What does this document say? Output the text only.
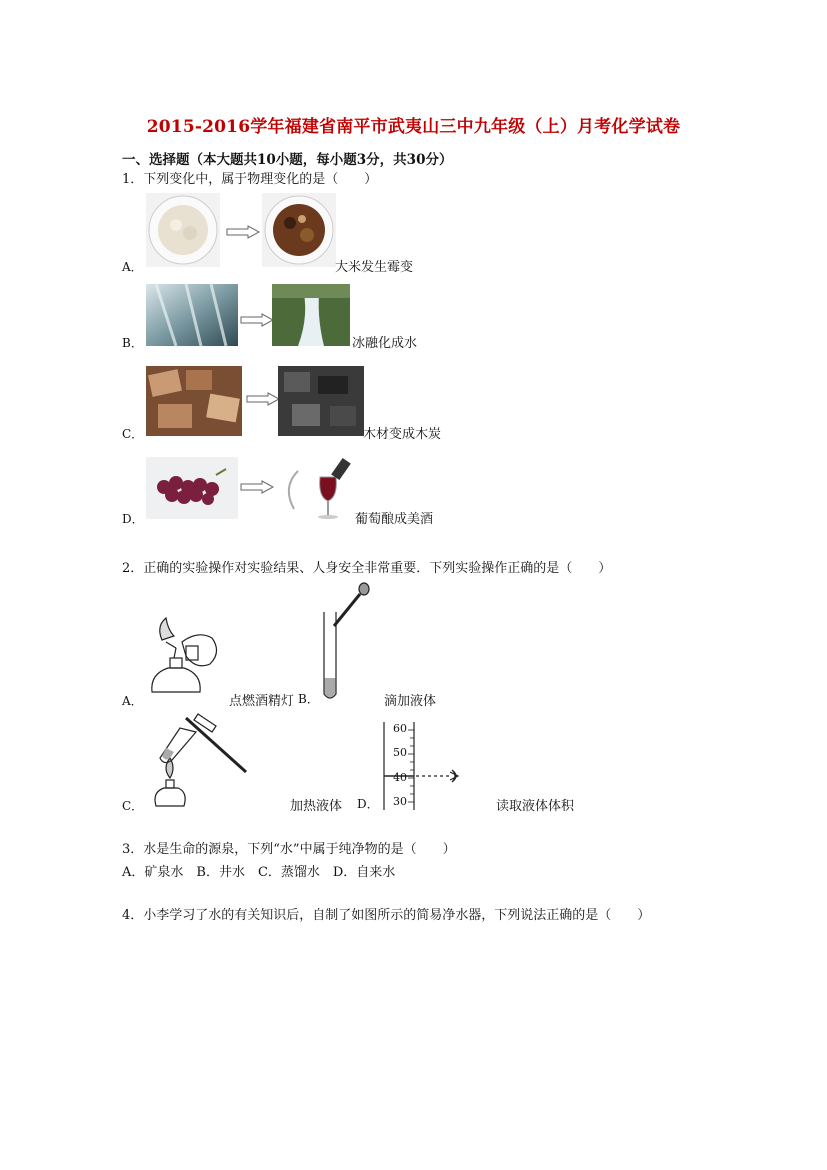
2015-2016学年福建省南平市武夷山三中九年级（上）月考化学试卷
一、选择题（本大题共10小题，每小题3分，共30分）
1．下列变化中，属于物理变化的是（　　）
A．	大米发生霉变
B．	冰融化成水
C．	木材变成木炭
D．	葡萄酿成美酒
2．正确的实验操作对实验结果、人身安全非常重要．下列实验操作正确的是（　　）
A．	点燃酒精灯 B．	滴加液体
C．	加热液体 D．
60
50
40
30	读取液体体积
3．水是生命的源泉，下列“水”中属于纯净物的是（　　）
A．矿泉水　B．井水　C．蒸馏水　D．自来水
4．小李学习了水的有关知识后，自制了如图所示的简易净水器，下列说法正确的是（　　）
